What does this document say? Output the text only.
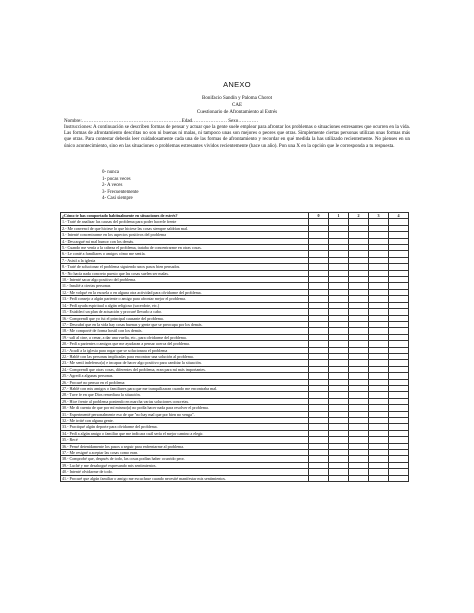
ANEXO
Bonifacio Sandín y Paloma Chorot
CAE
Cuestionario de Afrontamiento al Estrés
Nombre:……………………………………………………Edad………………… Sexo…………
Instrucciones: A continuación se describen formas de pensar y actuar que la gente suele emplear para afrontar los problemas o situaciones estresantes que ocurren en la vida. Las formas de afrontamiento descritas no son ni buenas ni malas, ni tampoco unas son mejores o peores que otras. Simplemente ciertas personas utilizan unas formas más que otras. Para contestar deberás leer cuidadosamente cada una de las formas de afrontamiento y recordar en qué medida la has utilizado recientemente. No pienses en un único acontecimiento, sino en las situaciones o problemas estresantes vividos recientemente (hace un año). Pon una X en la opción que le corresponda a tu respuesta.
0- nunca
1- pocas veces
2- A veces
3- Frecuentemente
4- Casi siempre
¿Cómo te has comportado habitualmente en situaciones de estrés?	0	1	2	3	4
1.- Traté de analizar las causas del problema para poder hacerle frente					
2.- Me convencí de que hiciese lo que hiciese las cosas siempre saldrían mal.					
3.- Intenté concentrarme en los aspectos positivos del problema					
4.- Descargué mi mal humor con los demás.					
5.- Cuando me venía a la cabeza el problema, trataba de concentrarme en otras cosas.					
6.- Le conté a familiares o amigos cómo me sentía.					
7.- Asistí a la iglesia					
8.- Traté de solucionar el problema siguiendo unos pasos bien pensados.					
9.- No hacía nada concreto puesto que las cosas suelen ser malas.					
10.- Intenté sacar algo positivo del problema.					
11.- Insulté a ciertas personas					
12.- Me volqué en la escuela o en alguna otra actividad para olvidarme del problema.					
13.- Pedí consejo a algún pariente o amigo para afrontar mejor el problema.					
14.- Pedí ayuda espiritual a algún religioso (sacerdote, etc.)					
15.- Establecí un plan de actuación y procuré llevarlo a cabo.					
16.- Comprendí que yo fui el principal causante del problema.					
17.- Descubrí que en la vida hay cosas buenas y gente que se preocupa por los demás.					
18.- Me comporté de forma hostil con los demás.					
19.- salí al cine, a cenar, a dar una vuelta, etc., para olvidarme del problema.					
20.- Pedí a parientes o amigos que me ayudaran a pensar acerca del problema.					
21.- Acudí a la iglesia para rogar que se solucionara el problema					
22.- Hablé con las personas implicadas para encontrar una solución al problema.					
23.- Me sentí indefenso(a) e incapaz de hacer algo positivo para cambiar la situación.					
24.- Comprendí que otras cosas, diferentes del problema, eran para mí más importantes.					
25.- Agredí a algunas personas.					
26.- Procuré no pensar en el problema					
27.- Hablé con mis amigos o familiares para que me tranquilizaran cuando me encontraba mal.					
28.- Tuve fe en que Dios remediara la situación.					
29.- Hice frente al problema poniendo en marcha varias soluciones concretas.					
30.- Me di cuenta de que por mí mismo(a) no podía hacer nada para resolver el problema.					
31.- Experimenté personalmente eso de que "no hay mal que por bien no venga".					
32.- Me irrité con alguna gente.					
33.- Practiqué algún deporte para olvidarme del problema.					
34.- Pedí a algún amigo o familiar que me indicara cuál sería el mejor camino a elegir.					
35.- Recé					
36.- Pensé detenidamente los pasos a seguir para enfrentarme al problema.					
37.- Me resigné a aceptar las cosas como eran.					
38.- Comprobé que, después de todo, las cosas podían haber ocurrido peor.					
39.- Luché y me desahogué expresando mis sentimientos.					
40.- Intenté olvidarme de todo.					
41.- Procuré que algún familiar o amigo me escuchase cuando necesité manifestar mis sentimientos.					
